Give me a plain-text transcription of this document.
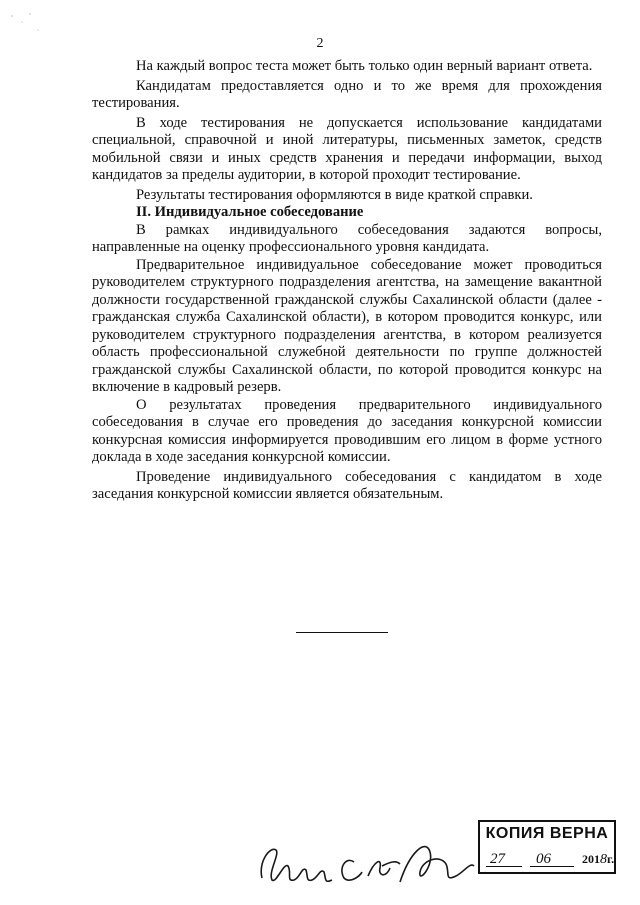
2

На каждый вопрос теста может быть только один верный вариант ответа.

Кандидатам предоставляется одно и то же время для прохождения тестирования.

В ходе тестирования не допускается использование кандидатами специальной, справочной и иной литературы, письменных заметок, средств мобильной связи и иных средств хранения и передачи информации, выход кандидатов за пределы аудитории, в которой проходит тестирование.

Результаты тестирования оформляются в виде краткой справки.

II. Индивидуальное собеседование

В рамках индивидуального собеседования задаются вопросы, направленные на оценку профессионального уровня кандидата.

Предварительное индивидуальное собеседование может проводиться руководителем структурного подразделения агентства, на замещение вакантной должности государственной гражданской службы Сахалинской области (далее - гражданская служба Сахалинской области), в котором проводится конкурс, или руководителем структурного подразделения агентства, в котором реализуется область профессиональной служебной деятельности по группе должностей гражданской службы Сахалинской области, по которой проводится конкурс на включение в кадровый резерв.

О результатах проведения предварительного индивидуального собеседования в случае его проведения до заседания конкурсной комиссии конкурсная комиссия информируется проводившим его лицом в форме устного доклада в ходе заседания конкурсной комиссии.

Проведение индивидуального собеседования с кандидатом в ходе заседания конкурсной комиссии является обязательным.

КОПИЯ ВЕРНА
27 06	2018г.
